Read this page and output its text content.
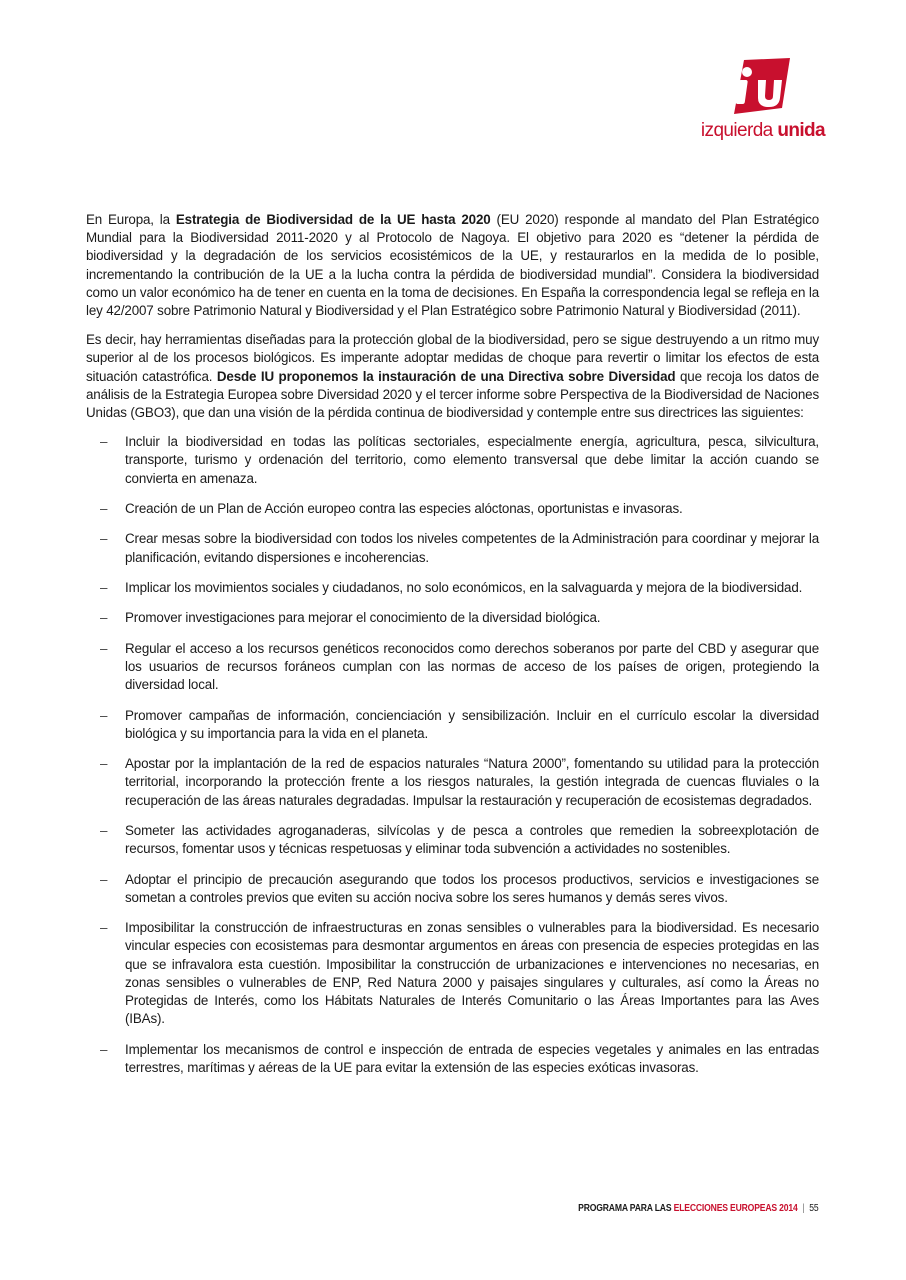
izquierda unida

En Europa, la Estrategia de Biodiversidad de la UE hasta 2020 (EU 2020) responde al mandato del Plan Estratégico Mundial para la Biodiversidad 2011-2020 y al Protocolo de Nagoya. El objetivo para 2020 es “detener la pérdida de biodiversidad y la degradación de los servicios ecosistémicos de la UE, y restaurarlos en la medida de lo posible, incrementando la contribución de la UE a la lucha contra la pérdida de biodiversidad mundial”. Considera la biodiversidad como un valor económico ha de tener en cuenta en la toma de decisiones. En España la correspondencia legal se refleja en la ley 42/2007 sobre Patrimonio Natural y Biodiversidad y el Plan Estratégico sobre Patrimonio Natural y Biodiversidad (2011).

Es decir, hay herramientas diseñadas para la protección global de la biodiversidad, pero se sigue destruyendo a un ritmo muy superior al de los procesos biológicos. Es imperante adoptar medidas de choque para revertir o limitar los efectos de esta situación catastrófica. Desde IU proponemos la instauración de una Directiva sobre Diversidad que recoja los datos de análisis de la Estrategia Europea sobre Diversidad 2020 y el tercer informe sobre Perspectiva de la Biodiversidad de Naciones Unidas (GBO3), que dan una visión de la pérdida continua de biodiversidad y contemple entre sus directrices las siguientes:

– Incluir la biodiversidad en todas las políticas sectoriales, especialmente energía, agricultura, pesca, silvicultura, transporte, turismo y ordenación del territorio, como elemento transversal que debe limitar la acción cuando se convierta en amenaza.
– Creación de un Plan de Acción europeo contra las especies alóctonas, oportunistas e invasoras.
– Crear mesas sobre la biodiversidad con todos los niveles competentes de la Administración para coordinar y mejorar la planificación, evitando dispersiones e incoherencias.
– Implicar los movimientos sociales y ciudadanos, no solo económicos, en la salvaguarda y mejora de la biodiversidad.
– Promover investigaciones para mejorar el conocimiento de la diversidad biológica.
– Regular el acceso a los recursos genéticos reconocidos como derechos soberanos por parte del CBD y asegurar que los usuarios de recursos foráneos cumplan con las normas de acceso de los países de origen, protegiendo la diversidad local.
– Promover campañas de información, concienciación y sensibilización. Incluir en el currículo escolar la diversidad biológica y su importancia para la vida en el planeta.
– Apostar por la implantación de la red de espacios naturales “Natura 2000”, fomentando su utilidad para la protección territorial, incorporando la protección frente a los riesgos naturales, la gestión integrada de cuencas fluviales o la recuperación de las áreas naturales degradadas. Impulsar la restauración y recuperación de ecosistemas degradados.
– Someter las actividades agroganaderas, silvícolas y de pesca a controles que remedien la sobreexplotación de recursos, fomentar usos y técnicas respetuosas y eliminar toda subvención a actividades no sostenibles.
– Adoptar el principio de precaución asegurando que todos los procesos productivos, servicios e investigaciones se sometan a controles previos que eviten su acción nociva sobre los seres humanos y demás seres vivos.
– Imposibilitar la construcción de infraestructuras en zonas sensibles o vulnerables para la biodiversidad. Es necesario vincular especies con ecosistemas para desmontar argumentos en áreas con presencia de especies protegidas en las que se infravalora esta cuestión. Imposibilitar la construcción de urbanizaciones e intervenciones no necesarias, en zonas sensibles o vulnerables de ENP, Red Natura 2000 y paisajes singulares y culturales, así como la Áreas no Protegidas de Interés, como los Hábitats Naturales de Interés Comunitario o las Áreas Importantes para las Aves (IBAs).
– Implementar los mecanismos de control e inspección de entrada de especies vegetales y animales en las entradas terrestres, marítimas y aéreas de la UE para evitar la extensión de las especies exóticas invasoras.
PROGRAMA PARA LAS ELECCIONES EUROPEAS 2014 | 55
